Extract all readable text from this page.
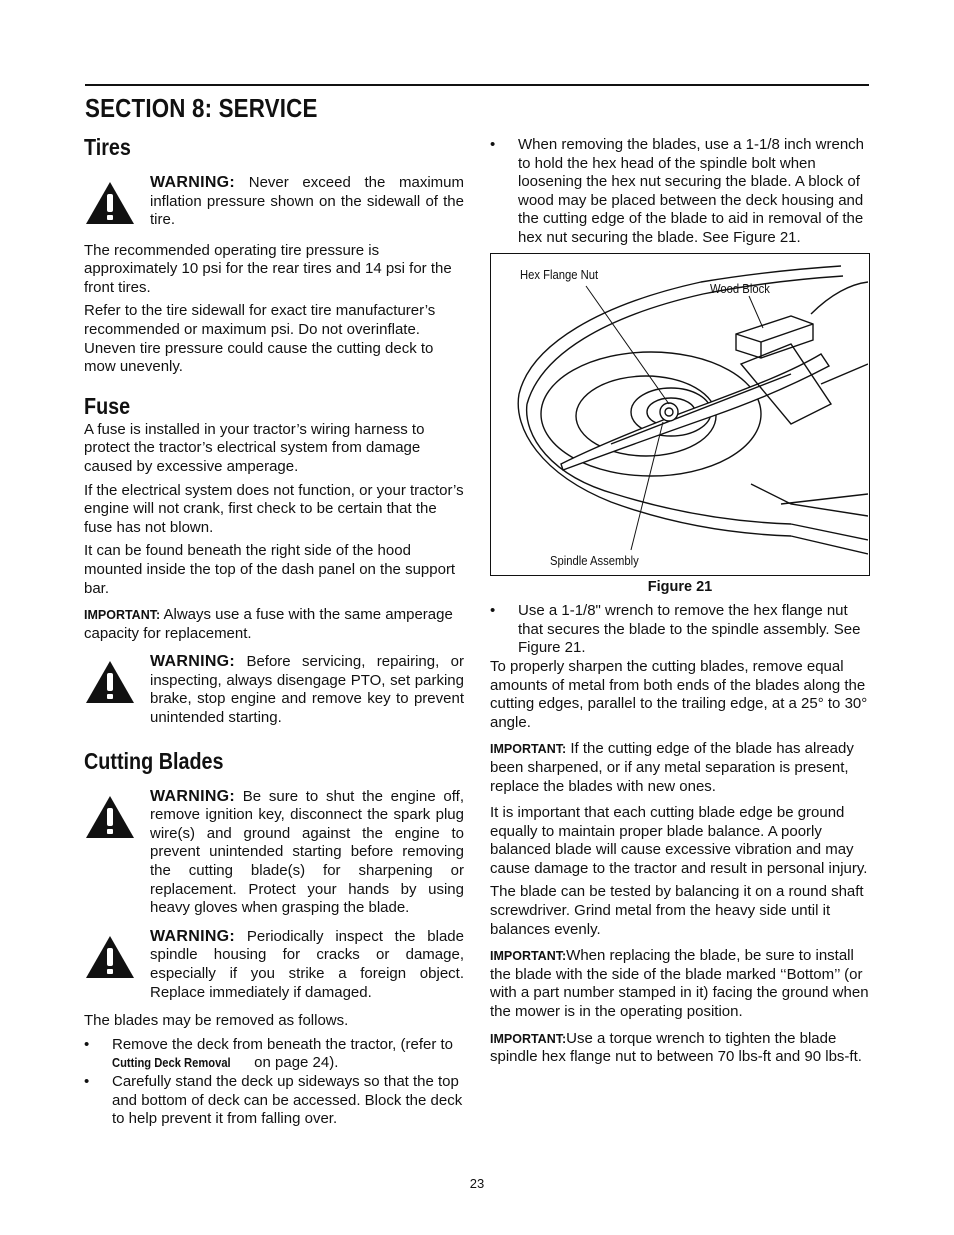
SECTION 8: SERVICE
Tires
WARNING: Never exceed the maximum inflation pressure shown on the sidewall of the tire.

The recommended operating tire pressure is approximately 10 psi for the rear tires and 14 psi for the front tires.

Refer to the tire sidewall for exact tire manufacturer’s recommended or maximum psi. Do not overinflate. Uneven tire pressure could cause the cutting deck to mow unevenly.

Fuse

A fuse is installed in your tractor’s wiring harness to protect the tractor’s electrical system from damage caused by excessive amperage.

If the electrical system does not function, or your tractor’s engine will not crank, first check to be certain that the fuse has not blown.

It can be found beneath the right side of the hood mounted inside the top of the dash panel on the support bar.

IMPORTANT: Always use a fuse with the same amperage capacity for replacement.

WARNING: Before servicing, repairing, or inspecting, always disengage PTO, set parking brake, stop engine and remove key to prevent unintended starting.
Cutting Blades
WARNING: Be sure to shut the engine off, remove ignition key, disconnect the spark plug wire(s) and ground against the engine to prevent unintended starting before removing the cutting blade(s) for sharpening or replacement. Protect your hands by using heavy gloves when grasping the blade.
WARNING: Periodically inspect the blade spindle housing for cracks or damage, especially if you strike a foreign object. Replace immediately if damaged.

The blades may be removed as follows.

•	Remove the deck from beneath the tractor, (refer to Cutting Deck Removal on page 24).
•	Carefully stand the deck up sideways so that the top and bottom of deck can be accessed. Block the deck to help prevent it from falling over.
•	When removing the blades, use a 1-1/8 inch wrench to hold the hex head of the spindle bolt when loosening the hex nut securing the blade. A block of wood may be placed between the deck housing and the cutting edge of the blade to aid in removal of the hex nut securing the blade. See Figure 21.
Hex Flange Nut
Wood Block
Spindle Assembly
Figure 21
•	Use a 1-1/8" wrench to remove the hex flange nut that secures the blade to the spindle assembly. See Figure 21.

To properly sharpen the cutting blades, remove equal amounts of metal from both ends of the blades along the cutting edges, parallel to the trailing edge, at a 25° to 30° angle.

IMPORTANT: If the cutting edge of the blade has already been sharpened, or if any metal separation is present, replace the blades with new ones.

It is important that each cutting blade edge be ground equally to maintain proper blade balance. A poorly balanced blade will cause excessive vibration and may cause damage to the tractor and result in personal injury.

The blade can be tested by balancing it on a round shaft screwdriver. Grind metal from the heavy side until it balances evenly.

IMPORTANT:When replacing the blade, be sure to install the blade with the side of the blade marked ‘‘Bottom’’ (or with a part number stamped in it) facing the ground when the mower is in the operating position.

IMPORTANT:Use a torque wrench to tighten the blade spindle hex flange nut to between 70 lbs-ft and 90 lbs-ft.

23
